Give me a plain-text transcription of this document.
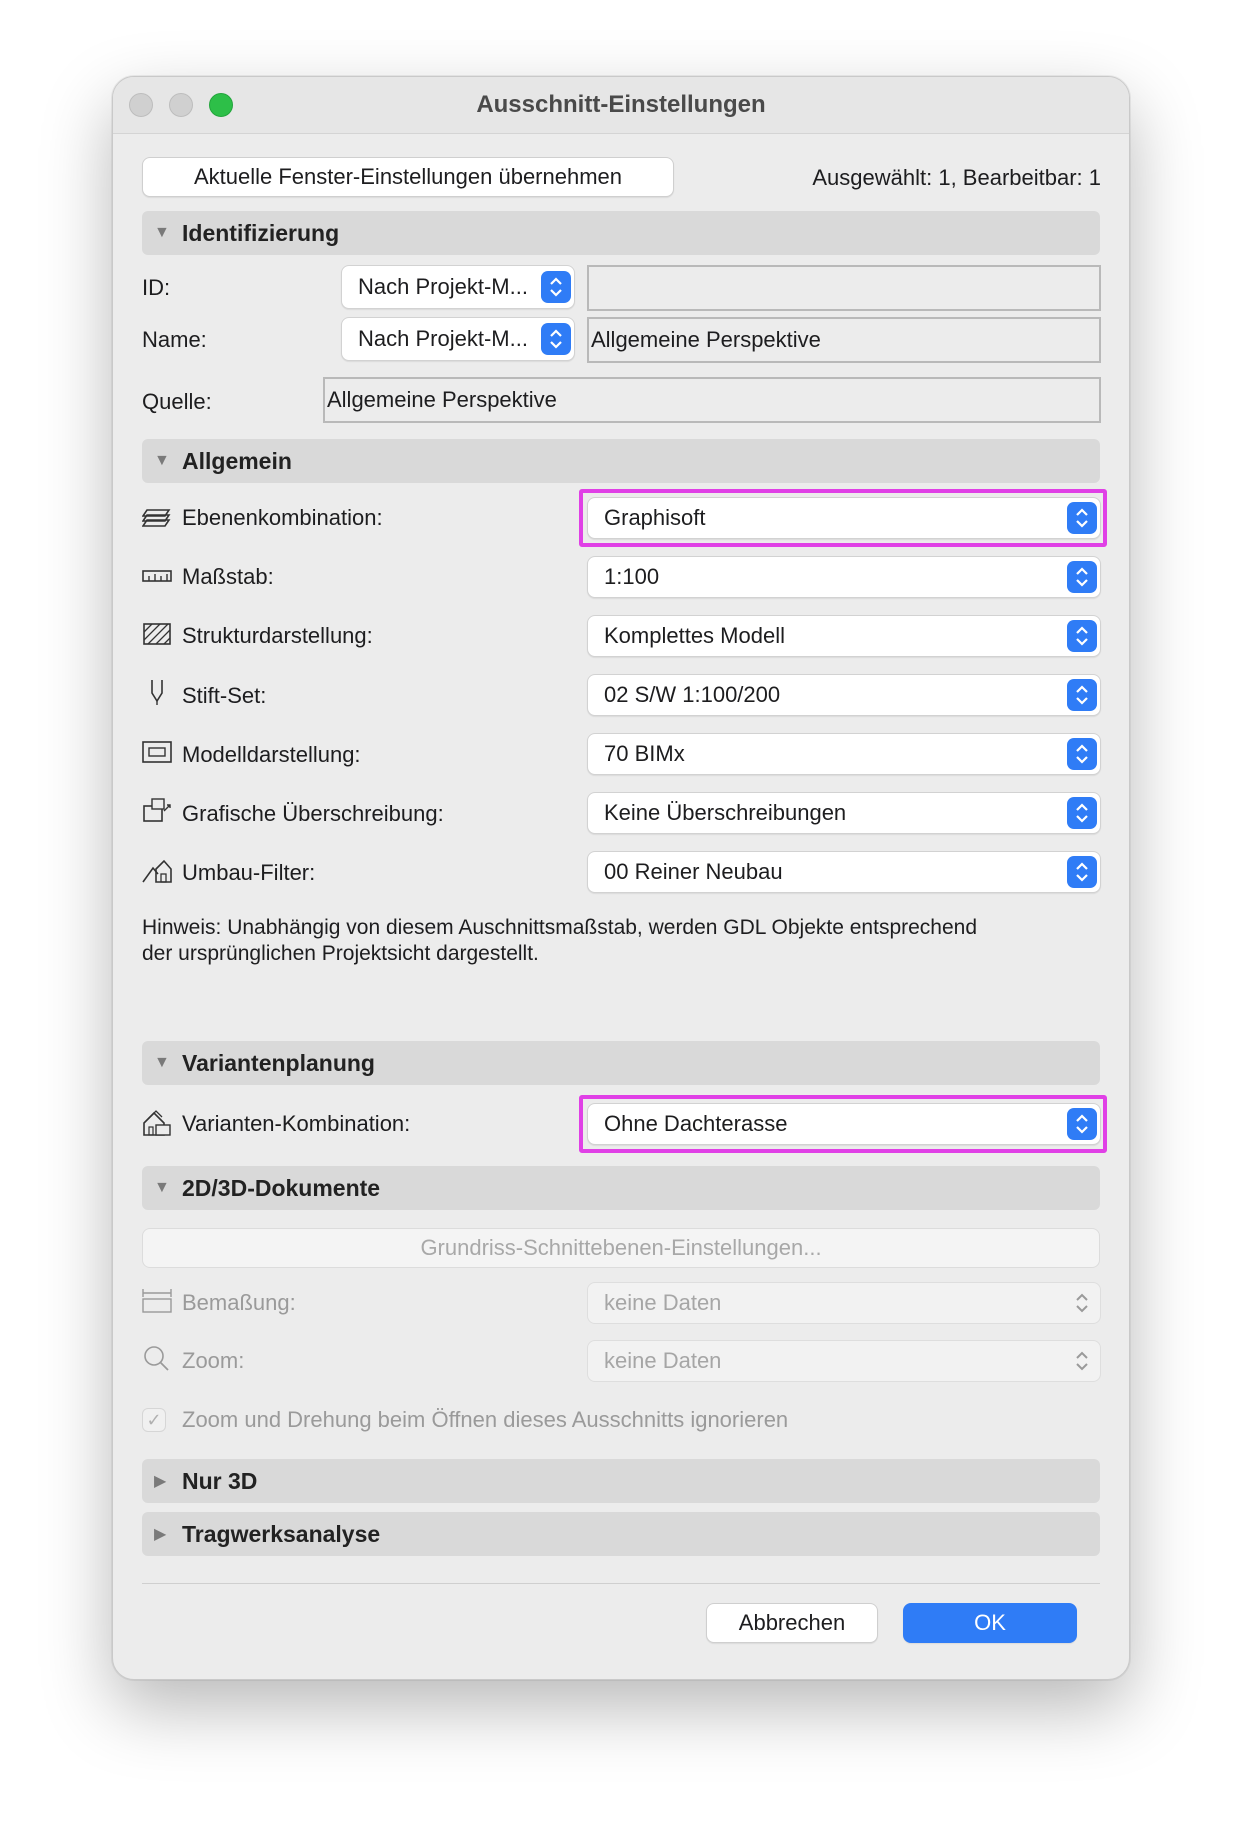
Ausschnitt-Einstellungen
Aktuelle Fenster-Einstellungen übernehmen	Ausgewählt: 1, Bearbeitbar: 1
▼ Identifizierung
ID:	Nach Projekt-M...
Name:	Nach Projekt-M...	Allgemeine Perspektive
Quelle:	Allgemeine Perspektive
▼ Allgemein
Ebenenkombination:	Graphisoft
Maßstab:	1:100
Strukturdarstellung:	Komplettes Modell
Stift-Set:	02 S/W 1:100/200
Modelldarstellung:	70 BIMx
Grafische Überschreibung:	Keine Überschreibungen
Umbau-Filter:	00 Reiner Neubau
Hinweis: Unabhängig von diesem Auschnittsmaßstab, werden GDL Objekte entsprechend
der ursprünglichen Projektsicht dargestellt.
▼ Variantenplanung
Varianten-Kombination:	Ohne Dachterasse
▼ 2D/3D-Dokumente
Grundriss-Schnittebenen-Einstellungen...
Bemaßung:	keine Daten
Zoom:	keine Daten
✓ Zoom und Drehung beim Öffnen dieses Ausschnitts ignorieren
▶ Nur 3D
▶ Tragwerksanalyse
Abbrechen	OK
